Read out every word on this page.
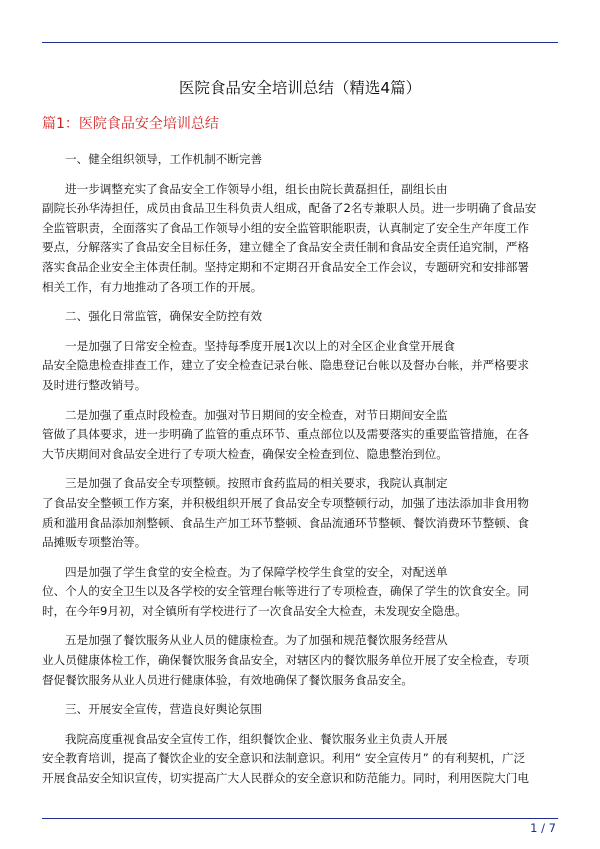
医院食品安全培训总结（精选4篇）
篇1：医院食品安全培训总结

一、健全组织领导，工作机制不断完善

进一步调整充实了食品安全工作领导小组，组长由院长黄磊担任，副组长由
副院长孙华涛担任，成员由食品卫生科负责人组成，配备了2名专兼职人员。进一步明确了食品安
全监管职责，全面落实了食品工作领导小组的安全监管职能职责，认真制定了安全生产年度工作
要点，分解落实了食品安全目标任务，建立健全了食品安全责任制和食品安全责任追究制，严格
落实食品企业安全主体责任制。坚持定期和不定期召开食品安全工作会议，专题研究和安排部署
相关工作，有力地推动了各项工作的开展。

二、强化日常监管，确保安全防控有效

一是加强了日常安全检查。坚持每季度开展1次以上的对全区企业食堂开展食
品安全隐患检查排查工作，建立了安全检查记录台帐、隐患登记台帐以及督办台帐，并严格要求
及时进行整改销号。

二是加强了重点时段检查。加强对节日期间的安全检查，对节日期间安全监
管做了具体要求，进一步明确了监管的重点环节、重点部位以及需要落实的重要监管措施，在各
大节庆期间对食品安全进行了专项大检查，确保安全检查到位、隐患整治到位。

三是加强了食品安全专项整顿。按照市食药监局的相关要求，我院认真制定
了食品安全整顿工作方案，并积极组织开展了食品安全专项整顿行动，加强了违法添加非食用物
质和滥用食品添加剂整顿、食品生产加工环节整顿、食品流通环节整顿、餐饮消费环节整顿、食
品摊贩专项整治等。

四是加强了学生食堂的安全检查。为了保障学校学生食堂的安全，对配送单
位、个人的安全卫生以及各学校的安全管理台帐等进行了专项检查，确保了学生的饮食安全。同
时，在今年9月初，对全镇所有学校进行了一次食品安全大检查，未发现安全隐患。

五是加强了餐饮服务从业人员的健康检查。为了加强和规范餐饮服务经营从
业人员健康体检工作，确保餐饮服务食品安全，对辖区内的餐饮服务单位开展了安全检查，专项
督促餐饮服务从业人员进行健康体验，有效地确保了餐饮服务食品安全。

三、开展安全宣传，营造良好舆论氛围

我院高度重视食品安全宣传工作，组织餐饮企业、餐饮服务业主负责人开展
安全教育培训，提高了餐饮企业的安全意识和法制意识。利用“ 安全宣传月” 的有利契机，广泛
开展食品安全知识宣传，切实提高广大人民群众的安全意识和防范能力。同时，利用医院大门电

1 / 7
